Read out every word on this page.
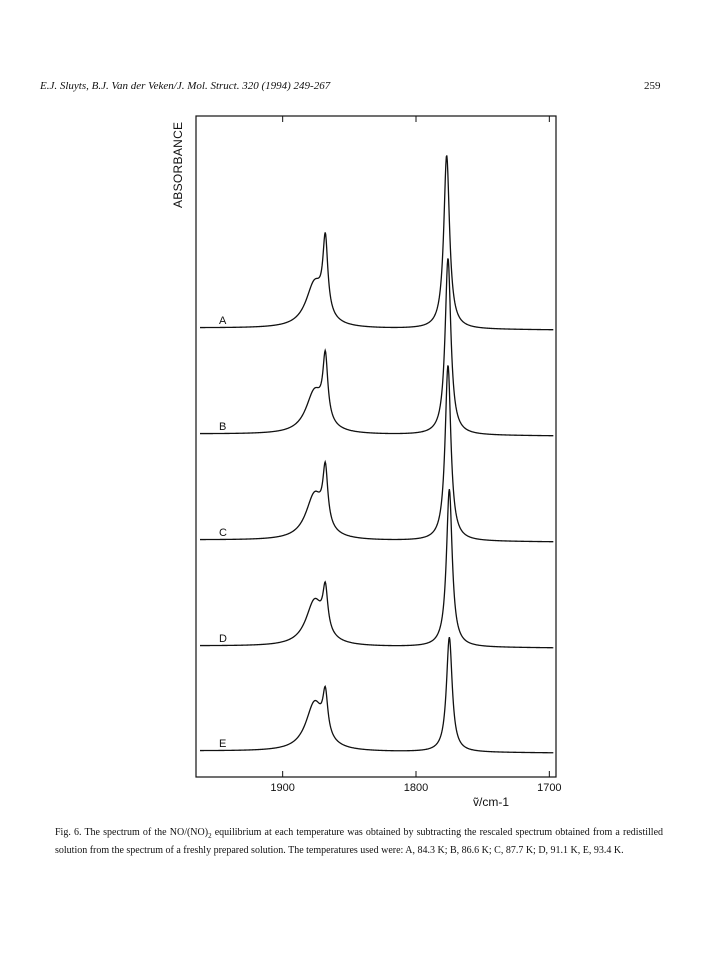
E.J. Sluyts, B.J. Van der Veken/J. Mol. Struct. 320 (1994) 249-267	259
1900	1800	1700
A
B
C
D
E
ABSORBANCE
ṽ/cm-1
Fig. 6. The spectrum of the $NO/(NO)_2$ equilibrium at each temperature was obtained by subtracting the rescaled spectrum obtained from a redistilled solution from the spectrum of a freshly prepared solution. The temperatures used were: A, 84.3 K; B, 86.6 K; C, 87.7 K; D, 91.1 K, E, 93.4 K.
